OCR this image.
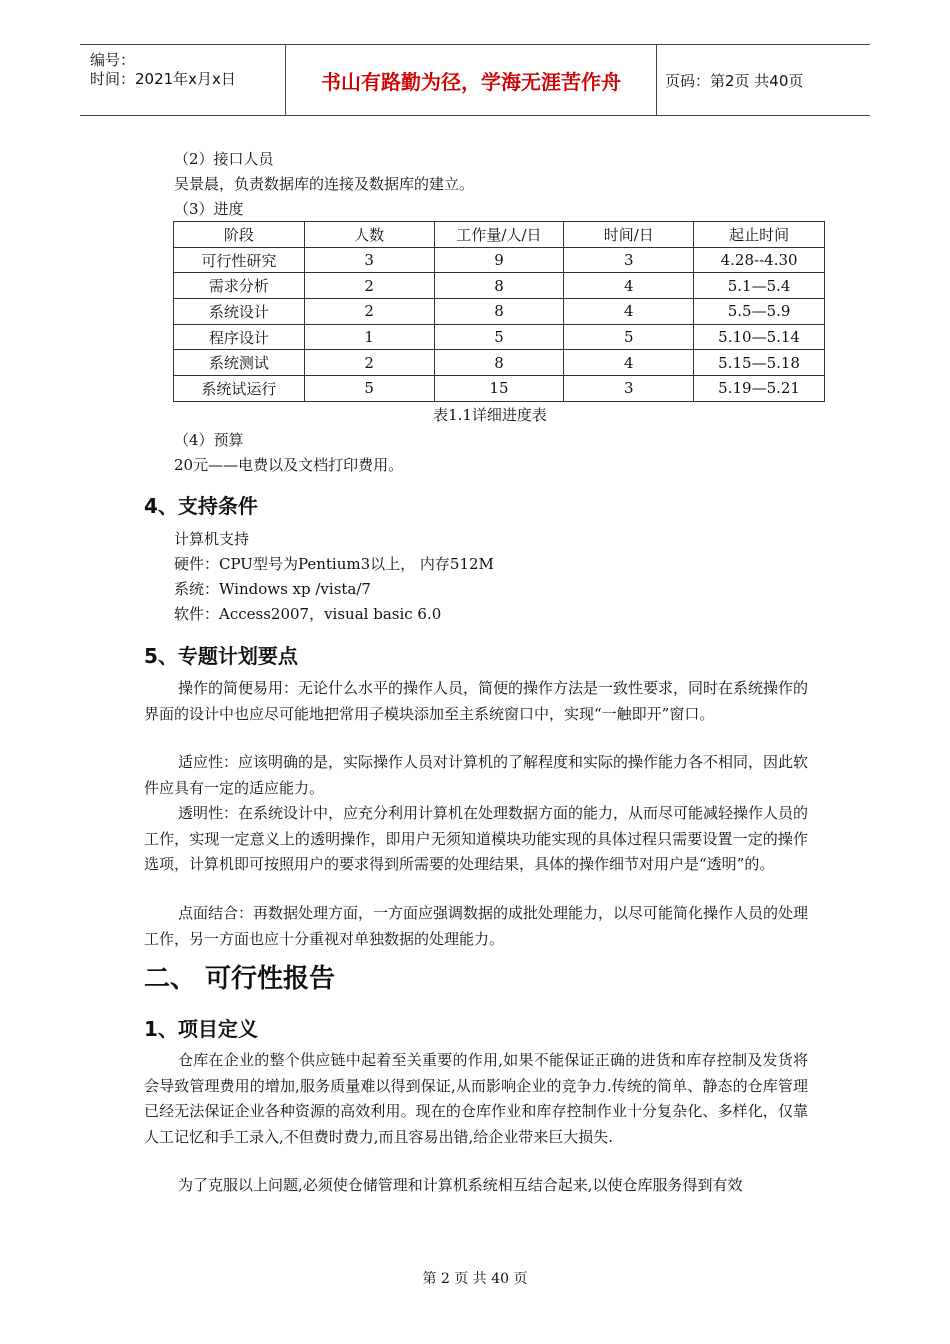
编号：
时间：2021年x月x日	书山有路勤为径，学海无涯苦作舟	页码：第2页 共40页
（2）接口人员
吴景晨，负责数据库的连接及数据库的建立。
（3）进度
阶段	人数	工作量/人/日	时间/日	起止时间
可行性研究	3	9	3	4.28--4.30
需求分析	2	8	4	5.1—5.4
系统设计	2	8	4	5.5—5.9
程序设计	1	5	5	5.10—5.14
系统测试	2	8	4	5.15—5.18
系统试运行	5	15	3	5.19—5.21
表1.1详细进度表
（4）预算
20元——电费以及文档打印费用。
4、支持条件
计算机支持
硬件：CPU型号为Pentium3以上， 内存512M
系统：Windows xp /vista/7
软件：Access2007，visual basic 6.0
5、专题计划要点
操作的简便易用：无论什么水平的操作人员，简便的操作方法是一致性要求，同时在系统操作的界面的设计中也应尽可能地把常用子模块添加至主系统窗口中，实现“一触即开”窗口。
适应性：应该明确的是，实际操作人员对计算机的了解程度和实际的操作能力各不相同，因此软件应具有一定的适应能力。
透明性：在系统设计中，应充分利用计算机在处理数据方面的能力，从而尽可能减轻操作人员的工作，实现一定意义上的透明操作，即用户无须知道模块功能实现的具体过程只需要设置一定的操作选项，计算机即可按照用户的要求得到所需要的处理结果，具体的操作细节对用户是“透明”的。
点面结合：再数据处理方面，一方面应强调数据的成批处理能力，以尽可能简化操作人员的处理工作，另一方面也应十分重视对单独数据的处理能力。
二、 可行性报告
1、项目定义
仓库在企业的整个供应链中起着至关重要的作用,如果不能保证正确的进货和库存控制及发货将会导致管理费用的增加,服务质量难以得到保证,从而影响企业的竞争力.传统的简单、静态的仓库管理已经无法保证企业各种资源的高效利用。现在的仓库作业和库存控制作业十分复杂化、多样化，仅靠人工记忆和手工录入,不但费时费力,而且容易出错,给企业带来巨大损失.
为了克服以上问题,必须使仓储管理和计算机系统相互结合起来,以使仓库服务得到有效
第 2 页 共 40 页
